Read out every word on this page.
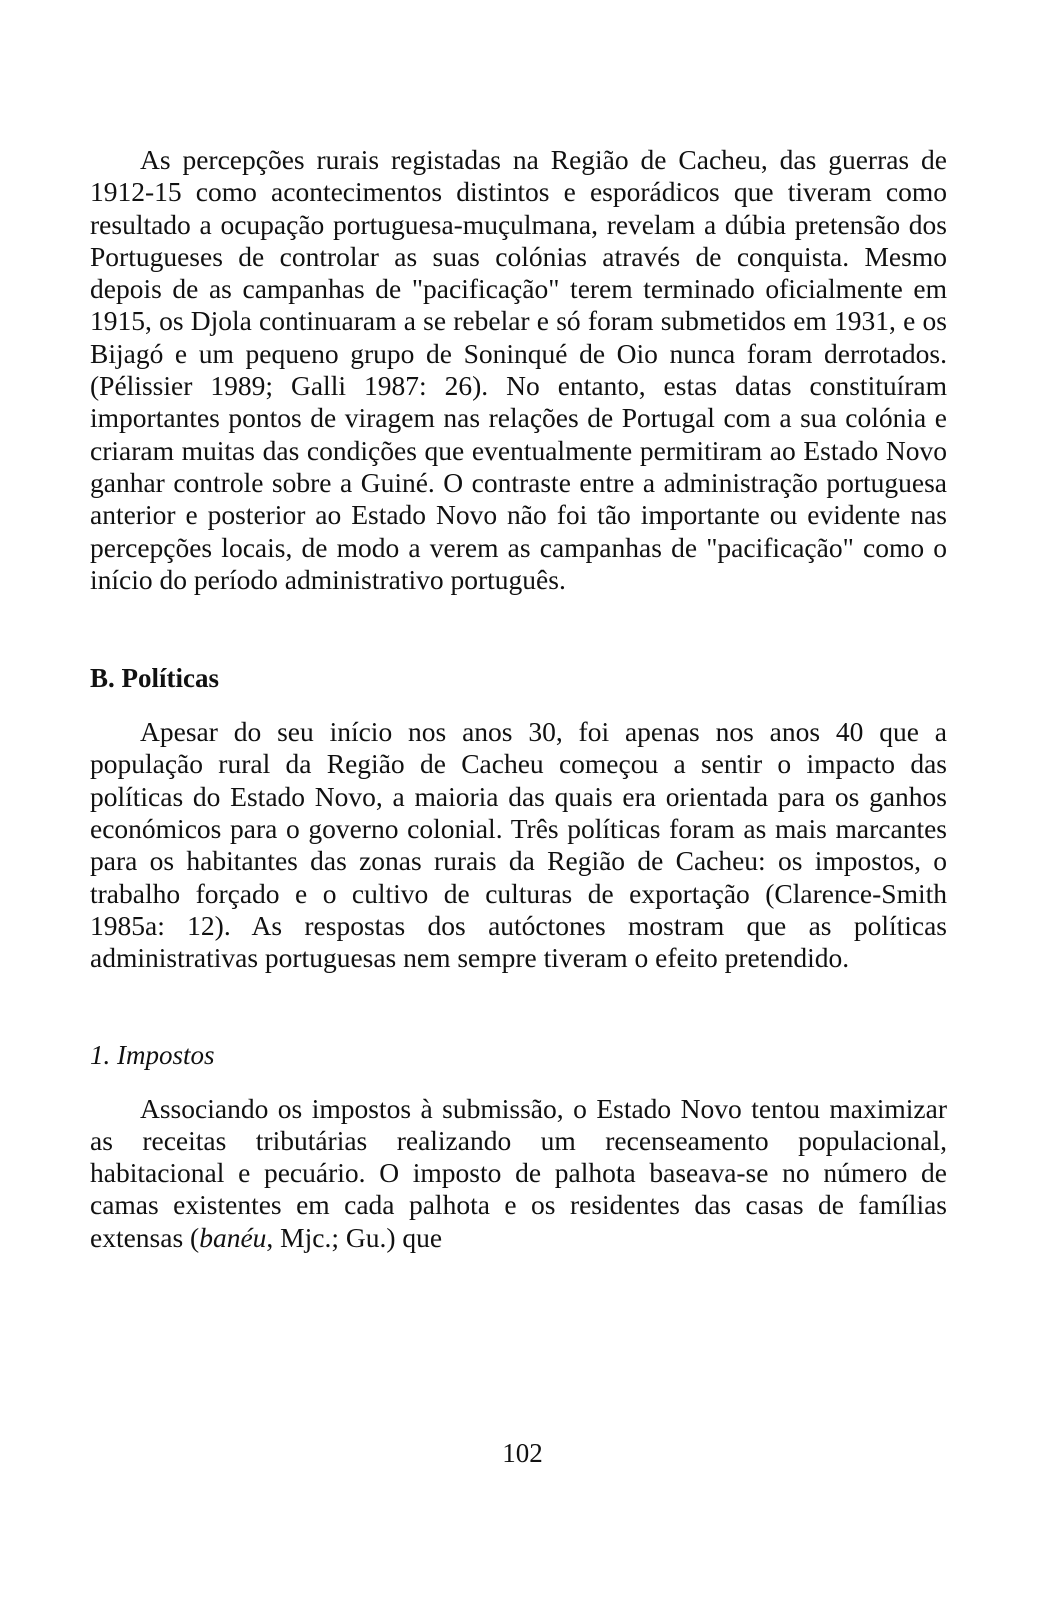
As percepções rurais registadas na Região de Cacheu, das guerras de 1912-15 como acontecimentos distintos e esporádicos que tiveram como resultado a ocupação portuguesa-muçulmana, revelam a dúbia pretensão dos Portugueses de controlar as suas colónias através de conquista. Mesmo depois de as campanhas de "pacificação" terem terminado oficialmente em 1915, os Djola continuaram a se rebelar e só foram submetidos em 1931, e os Bijagó e um pequeno grupo de Soninqué de Oio nunca foram derrotados. (Pélissier 1989; Galli 1987: 26). No entanto, estas datas constituíram importantes pontos de viragem nas relações de Portugal com a sua colónia e criaram muitas das condições que eventualmente permitiram ao Estado Novo ganhar controle sobre a Guiné. O contraste entre a administração portuguesa anterior e posterior ao Estado Novo não foi tão importante ou evidente nas percepções locais, de modo a verem as campanhas de "pacificação" como o início do período administrativo português.

B. Políticas

Apesar do seu início nos anos 30, foi apenas nos anos 40 que a população rural da Região de Cacheu começou a sentir o impacto das políticas do Estado Novo, a maioria das quais era orientada para os ganhos económicos para o governo colonial. Três políticas foram as mais marcantes para os habitantes das zonas rurais da Região de Cacheu: os impostos, o trabalho forçado e o cultivo de culturas de exportação (Clarence-Smith 1985a: 12). As respostas dos autóctones mostram que as políticas administrativas portuguesas nem sempre tiveram o efeito pretendido.

1. Impostos

Associando os impostos à submissão, o Estado Novo tentou maximizar as receitas tributárias realizando um recenseamento populacional, habitacional e pecuário. O imposto de palhota baseava-se no número de camas existentes em cada palhota e os residentes das casas de famílias extensas (banéu, Mjc.; Gu.) que

102
